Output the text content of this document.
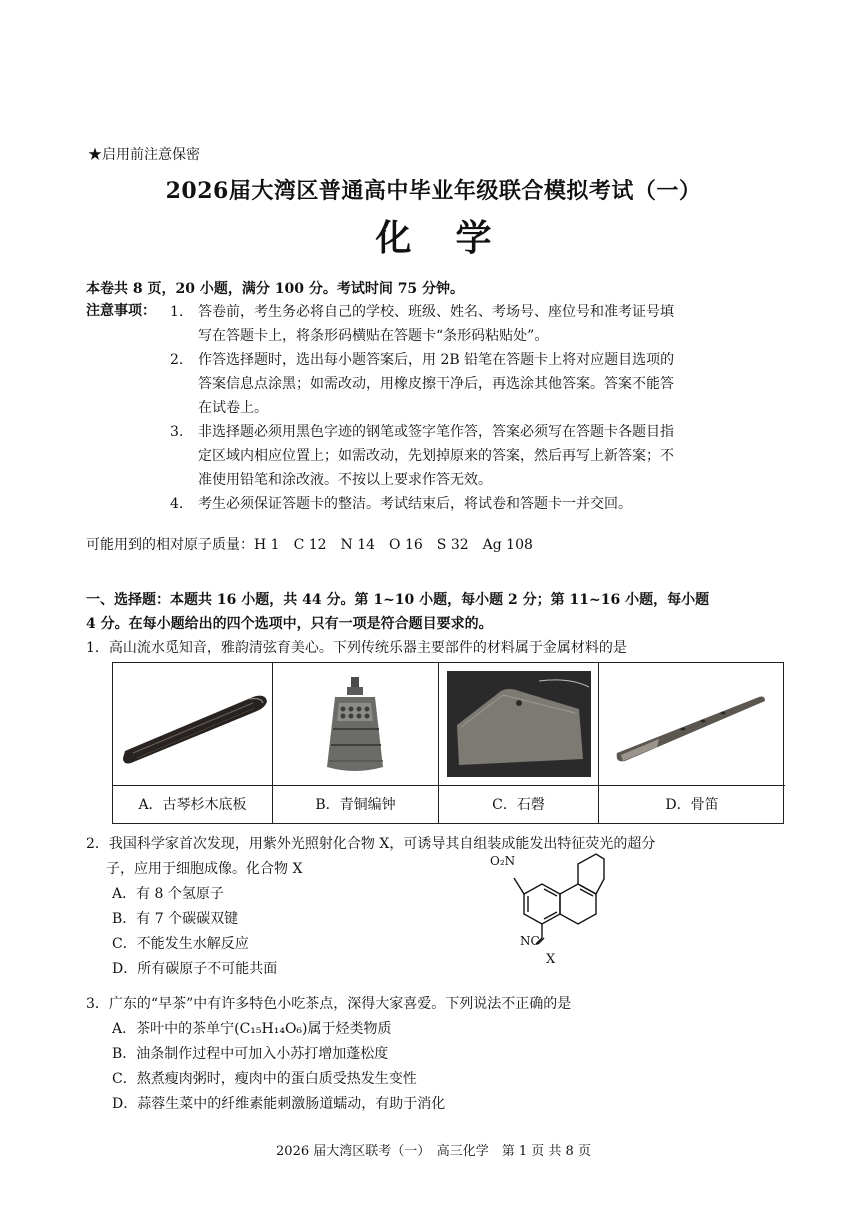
★启用前注意保密
2026届大湾区普通高中毕业年级联合模拟考试（一）
化学
本卷共 8 页，20 小题，满分 100 分。考试时间 75 分钟。
注意事项： 1. 答卷前，考生务必将自己的学校、班级、姓名、考场号、座位号和准考证号填
写在答题卡上，将条形码横贴在答题卡“条形码粘贴处”。
2. 作答选择题时，选出每小题答案后，用 2B 铅笔在答题卡上将对应题目选项的
答案信息点涂黑；如需改动，用橡皮擦干净后，再选涂其他答案。答案不能答
在试卷上。
3. 非选择题必须用黑色字迹的钢笔或签字笔作答，答案必须写在答题卡各题目指
定区域内相应位置上；如需改动，先划掉原来的答案，然后再写上新答案；不
准使用铅笔和涂改液。不按以上要求作答无效。
4. 考生必须保证答题卡的整洁。考试结束后，将试卷和答题卡一并交回。
可能用到的相对原子质量：H 1　C 12　N 14　O 16　S 32　Ag 108
一、选择题：本题共 16 小题，共 44 分。第 1~10 小题，每小题 2 分；第 11~16 小题，每小题
4 分。在每小题给出的四个选项中，只有一项是符合题目要求的。
1．高山流水觅知音，雅韵清弦育美心。下列传统乐器主要部件的材料属于金属材料的是
A．古琴杉木底板	B．青铜编钟	C．石磬	D．骨笛
2．我国科学家首次发现，用紫外光照射化合物 X，可诱导其自组装成能发出特征荧光的超分
子，应用于细胞成像。化合物 X
A．有 8 个氢原子
B．有 7 个碳碳双键
C．不能发生水解反应
D．所有碳原子不可能共面
O₂N
NC
X
3．广东的“早茶”中有许多特色小吃茶点，深得大家喜爱。下列说法不正确的是
A．茶叶中的茶单宁(C₁₅H₁₄O₆)属于烃类物质
B．油条制作过程中可加入小苏打增加蓬松度
C．熬煮瘦肉粥时，瘦肉中的蛋白质受热发生变性
D．蒜蓉生菜中的纤维素能刺激肠道蠕动，有助于消化
2026 届大湾区联考（一）　高三化学　第 1 页 共 8 页
